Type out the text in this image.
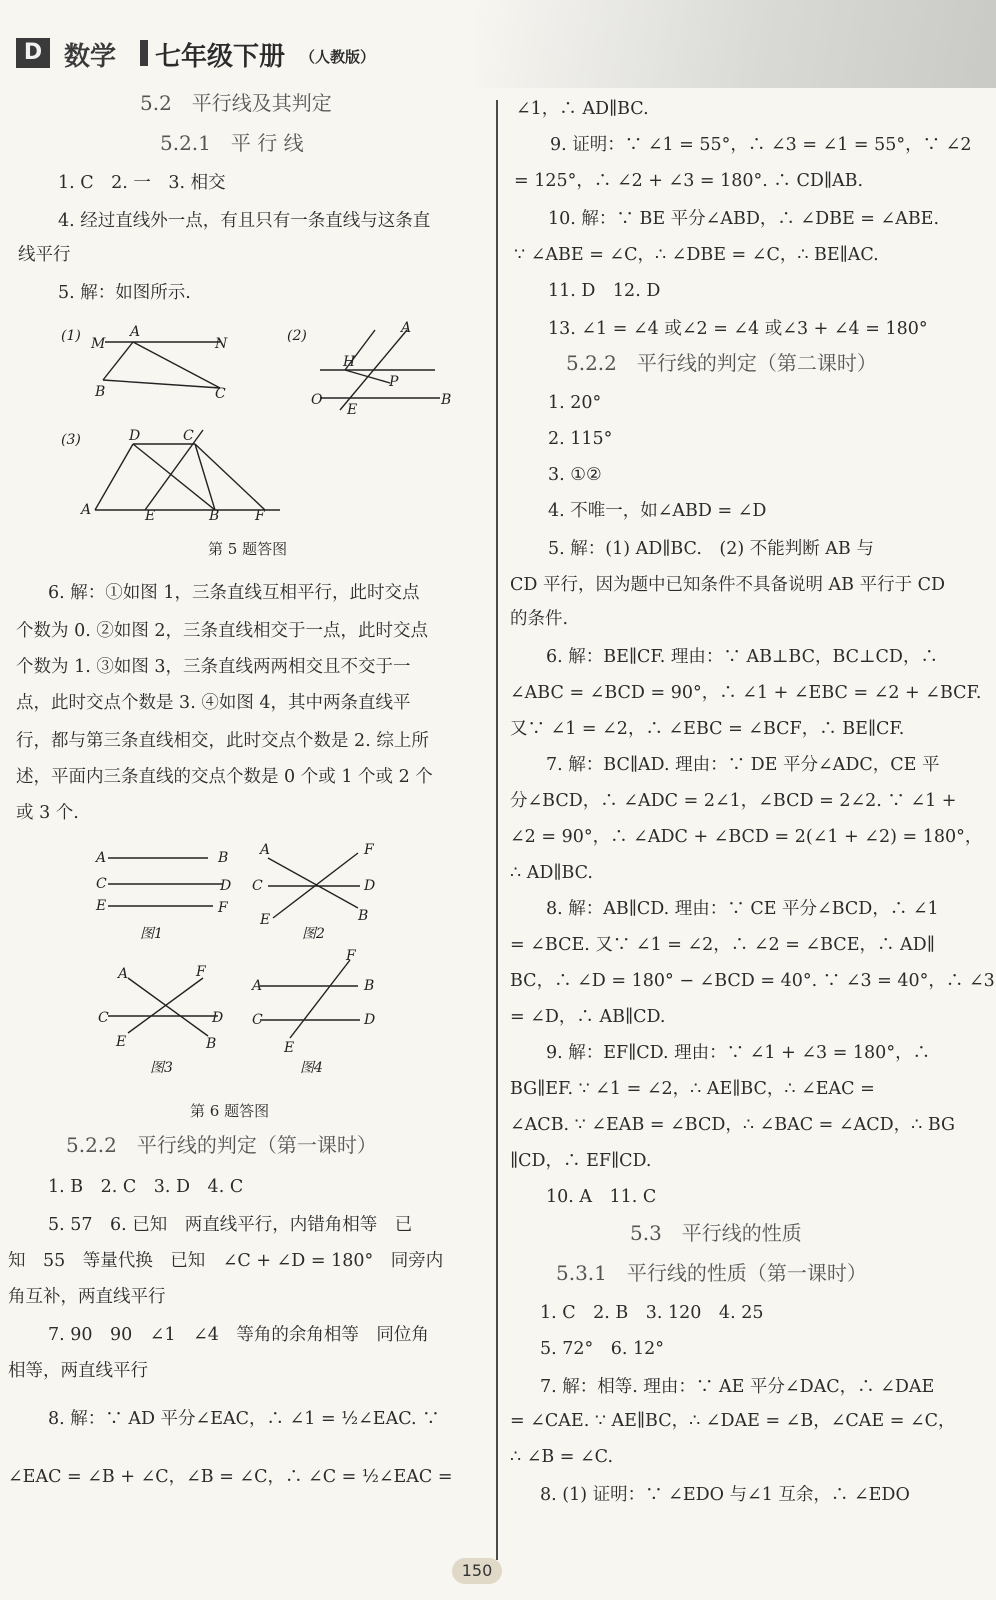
D 数学 七年级下册 （人教版）
5.2　平行线及其判定
5.2.1　平 行 线
1. C　2. 一　3. 相交
4. 经过直线外一点，有且只有一条直线与这条直
线平行
5. 解：如图所示.
(1) M
A
N
B	C
(2)	A
H
P
O
E
B
(3)	D	C
A	E	B	F
第 5 题答图
6. 解：①如图 1，三条直线互相平行，此时交点
个数为 0. ②如图 2，三条直线相交于一点，此时交点
个数为 1. ③如图 3，三条直线两两相交且不交于一
点，此时交点个数是 3. ④如图 4，其中两条直线平
行，都与第三条直线相交，此时交点个数是 2. 综上所
述，平面内三条直线的交点个数是 0 个或 1 个或 2 个
或 3 个.
A	B
C	D
E	F
图1
A	F
C	D
E	B
图2
A	F
C	D
E	B
图3
F
A	B
C	D
E
图4
第 6 题答图
5.2.2　平行线的判定（第一课时）
1. B　2. C　3. D　4. C
5. 57　6. 已知　两直线平行，内错角相等　已
知　55　等量代换　已知　∠C + ∠D = 180°　同旁内
角互补，两直线平行
7. 90　90　∠1　∠4　等角的余角相等　同位角
相等，两直线平行
8. 解：∵ AD 平分∠EAC，∴ ∠1 = ½∠EAC. ∵
∠EAC = ∠B + ∠C，∠B = ∠C，∴ ∠C = ½∠EAC =
∠1，∴ AD∥BC.
9. 证明：∵ ∠1 = 55°，∴ ∠3 = ∠1 = 55°，∵ ∠2
= 125°，∴ ∠2 + ∠3 = 180°. ∴ CD∥AB.
10. 解：∵ BE 平分∠ABD，∴ ∠DBE = ∠ABE.
∵ ∠ABE = ∠C，∴ ∠DBE = ∠C，∴ BE∥AC.
11. D　12. D
13. ∠1 = ∠4 或∠2 = ∠4 或∠3 + ∠4 = 180°
5.2.2　平行线的判定（第二课时）
1. 20°
2. 115°
3. ①②
4. 不唯一，如∠ABD = ∠D
5. 解：(1) AD∥BC.　(2) 不能判断 AB 与
CD 平行，因为题中已知条件不具备说明 AB 平行于 CD
的条件.
6. 解：BE∥CF. 理由：∵ AB⊥BC，BC⊥CD，∴
∠ABC = ∠BCD = 90°，∴ ∠1 + ∠EBC = ∠2 + ∠BCF.
又∵ ∠1 = ∠2，∴ ∠EBC = ∠BCF，∴ BE∥CF.
7. 解：BC∥AD. 理由：∵ DE 平分∠ADC，CE 平
分∠BCD，∴ ∠ADC = 2∠1，∠BCD = 2∠2. ∵ ∠1 +
∠2 = 90°，∴ ∠ADC + ∠BCD = 2(∠1 + ∠2) = 180°，
∴ AD∥BC.
8. 解：AB∥CD. 理由：∵ CE 平分∠BCD，∴ ∠1
= ∠BCE. 又∵ ∠1 = ∠2，∴ ∠2 = ∠BCE，∴ AD∥
BC，∴ ∠D = 180° − ∠BCD = 40°. ∵ ∠3 = 40°，∴ ∠3
= ∠D，∴ AB∥CD.
9. 解：EF∥CD. 理由：∵ ∠1 + ∠3 = 180°，∴
BG∥EF. ∵ ∠1 = ∠2，∴ AE∥BC，∴ ∠EAC =
∠ACB. ∵ ∠EAB = ∠BCD，∴ ∠BAC = ∠ACD，∴ BG
∥CD，∴ EF∥CD.
10. A　11. C
5.3　平行线的性质
5.3.1　平行线的性质（第一课时）
1. C　2. B　3. 120　4. 25
5. 72°　6. 12°
7. 解：相等. 理由：∵ AE 平分∠DAC，∴ ∠DAE
= ∠CAE. ∵ AE∥BC，∴ ∠DAE = ∠B，∠CAE = ∠C，
∴ ∠B = ∠C.
8. (1) 证明：∵ ∠EDO 与∠1 互余，∴ ∠EDO
150
